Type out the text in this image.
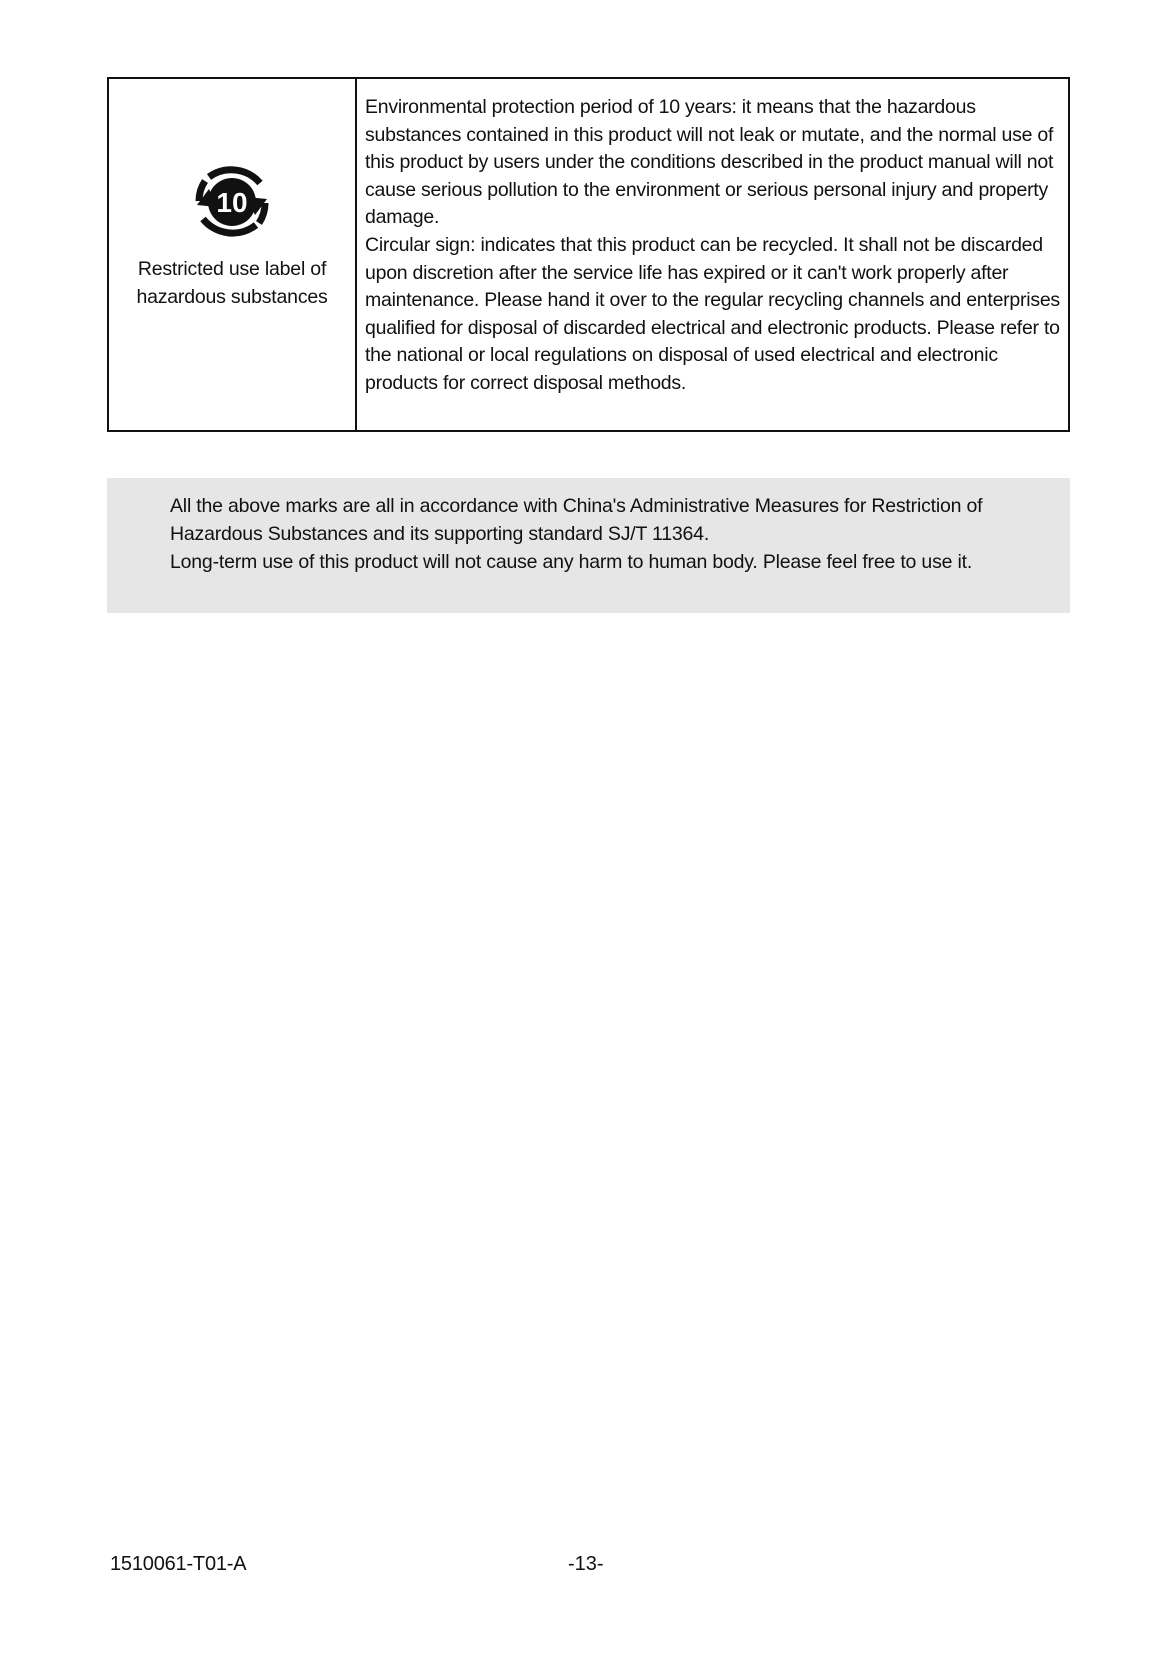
10
Restricted use label of
hazardous substances

Environmental protection period of 10 years: it means that the hazardous substances contained in this product will not leak or mutate, and the normal use of this product by users under the conditions described in the product manual will not cause serious pollution to the environment or serious personal injury and property damage.

Circular sign: indicates that this product can be recycled. It shall not be discarded upon discretion after the service life has expired or it can't work properly after maintenance. Please hand it over to the regular recycling channels and enterprises qualified for disposal of discarded electrical and electronic products. Please refer to the national or local regulations on disposal of used electrical and electronic products for correct disposal methods.

All the above marks are all in accordance with China's Administrative Measures for Restriction of Hazardous Substances and its supporting standard SJ/T 11364.

Long-term use of this product will not cause any harm to human body. Please feel free to use it.

1510061-T01-A	-13-
